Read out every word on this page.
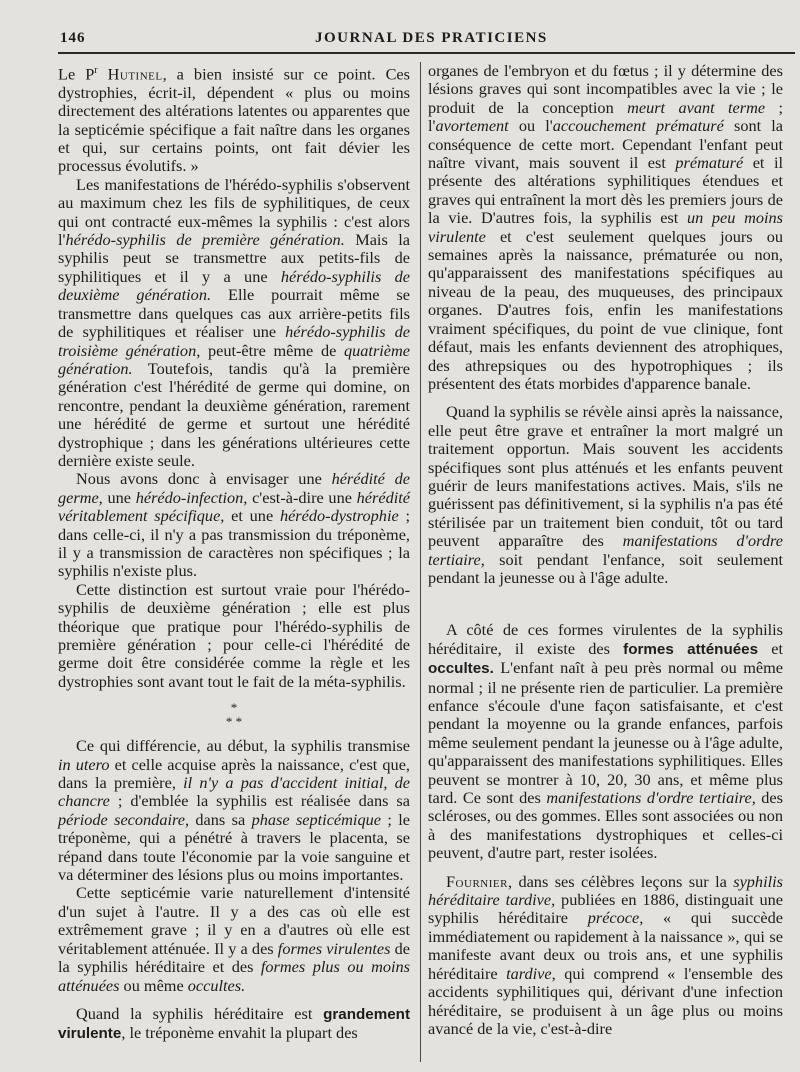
146	JOURNAL DES PRATICIENS

Le $P^r$ Hutinel, a bien insisté sur ce point. Ces dystrophies, écrit-il, dépendent « plus ou moins directement des altérations latentes ou apparentes que la septicémie spécifique a fait naître dans les organes et qui, sur certains points, ont fait dévier les processus évolutifs. »

Les manifestations de l'hérédo-syphilis s'observent au maximum chez les fils de syphilitiques, de ceux qui ont contracté eux-mêmes la syphilis : c'est alors l'hérédo-syphilis de première génération. Mais la syphilis peut se transmettre aux petits-fils de syphilitiques et il y a une hérédo-syphilis de deuxième génération. Elle pourrait même se transmettre dans quelques cas aux arrière-petits fils de syphilitiques et réaliser une hérédo-syphilis de troisième génération, peut-être même de quatrième génération. Toutefois, tandis qu'à la première génération c'est l'hérédité de germe qui domine, on rencontre, pendant la deuxième génération, rarement une hérédité de germe et surtout une hérédité dystrophique ; dans les générations ultérieures cette dernière existe seule.

Nous avons donc à envisager une hérédité de germe, une hérédo-infection, c'est-à-dire une hérédité véritablement spécifique, et une hérédo-dystrophie ; dans celle-ci, il n'y a pas transmission du tréponème, il y a transmission de caractères non spécifiques ; la syphilis n'existe plus.

Cette distinction est surtout vraie pour l'hérédo-syphilis de deuxième génération ; elle est plus théorique que pratique pour l'hérédo-syphilis de première génération ; pour celle-ci l'hérédité de germe doit être considérée comme la règle et les dystrophies sont avant tout le fait de la méta-syphilis.

*
* *

Ce qui différencie, au début, la syphilis transmise in utero et celle acquise après la naissance, c'est que, dans la première, il n'y a pas d'accident initial, de chancre ; d'emblée la syphilis est réalisée dans sa période secondaire, dans sa phase septicémique ; le tréponème, qui a pénétré à travers le placenta, se répand dans toute l'économie par la voie sanguine et va déterminer des lésions plus ou moins importantes.

Cette septicémie varie naturellement d'intensité d'un sujet à l'autre. Il y a des cas où elle est extrêmement grave ; il y en a d'autres où elle est véritablement atténuée. Il y a des formes virulentes de la syphilis héréditaire et des formes plus ou moins atténuées ou même occultes.

Quand la syphilis héréditaire est grandement virulente, le tréponème envahit la plupart des

organes de l'embryon et du fœtus ; il y détermine des lésions graves qui sont incompatibles avec la vie ; le produit de la conception meurt avant terme ; l'avortement ou l'accouchement prématuré sont la conséquence de cette mort. Cependant l'enfant peut naître vivant, mais souvent il est prématuré et il présente des altérations syphilitiques étendues et graves qui entraînent la mort dès les premiers jours de la vie. D'autres fois, la syphilis est un peu moins virulente et c'est seulement quelques jours ou semaines après la naissance, prématurée ou non, qu'apparaissent des manifestations spécifiques au niveau de la peau, des muqueuses, des principaux organes. D'autres fois, enfin les manifestations vraiment spécifiques, du point de vue clinique, font défaut, mais les enfants deviennent des atrophiques, des athrepsiques ou des hypotrophiques ; ils présentent des états morbides d'apparence banale.

Quand la syphilis se révèle ainsi après la naissance, elle peut être grave et entraîner la mort malgré un traitement opportun. Mais souvent les accidents spécifiques sont plus atténués et les enfants peuvent guérir de leurs manifestations actives. Mais, s'ils ne guérissent pas définitivement, si la syphilis n'a pas été stérilisée par un traitement bien conduit, tôt ou tard peuvent apparaître des manifestations d'ordre tertiaire, soit pendant l'enfance, soit seulement pendant la jeunesse ou à l'âge adulte.

A côté de ces formes virulentes de la syphilis héréditaire, il existe des formes atténuées et occultes. L'enfant naît à peu près normal ou même normal ; il ne présente rien de particulier. La première enfance s'écoule d'une façon satisfaisante, et c'est pendant la moyenne ou la grande enfances, parfois même seulement pendant la jeunesse ou à l'âge adulte, qu'apparaissent des manifestations syphilitiques. Elles peuvent se montrer à 10, 20, 30 ans, et même plus tard. Ce sont des manifestations d'ordre tertiaire, des scléroses, ou des gommes. Elles sont associées ou non à des manifestations dystrophiques et celles-ci peuvent, d'autre part, rester isolées.

Fournier, dans ses célèbres leçons sur la syphilis héréditaire tardive, publiées en 1886, distinguait une syphilis héréditaire précoce, « qui succède immédiatement ou rapidement à la naissance », qui se manifeste avant deux ou trois ans, et une syphilis héréditaire tardive, qui comprend « l'ensemble des accidents syphilitiques qui, dérivant d'une infection héréditaire, se produisent à un âge plus ou moins avancé de la vie, c'est-à-dire
